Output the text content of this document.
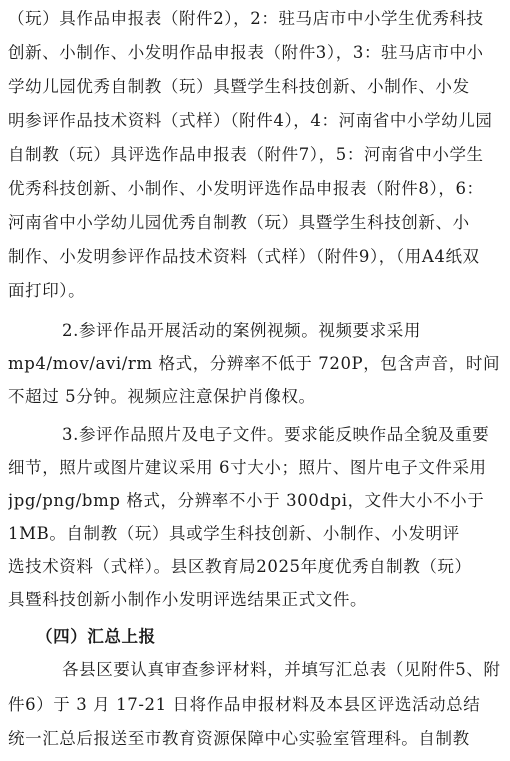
（玩）具作品申报表（附件2），2：驻马店市中小学生优秀科技
创新、小制作、小发明作品申报表（附件3），3：驻马店市中小
学幼儿园优秀自制教（玩）具暨学生科技创新、小制作、小发
明参评作品技术资料（式样）（附件4），4：河南省中小学幼儿园
自制教（玩）具评选作品申报表（附件7），5：河南省中小学生
优秀科技创新、小制作、小发明评选作品申报表（附件8），6：
河南省中小学幼儿园优秀自制教（玩）具暨学生科技创新、小
制作、小发明参评作品技术资料（式样）（附件9），（用A4纸双
面打印）。
2.参评作品开展活动的案例视频。视频要求采用
mp4/mov/avi/rm 格式，分辨率不低于 720P，包含声音，时间
不超过 5分钟。视频应注意保护肖像权。
3.参评作品照片及电子文件。要求能反映作品全貌及重要
细节，照片或图片建议采用 6寸大小；照片、图片电子文件采用
jpg/png/bmp 格式，分辨率不小于 300dpi，文件大小不小于
1MB。自制教（玩）具或学生科技创新、小制作、小发明评
选技术资料（式样）。县区教育局2025年度优秀自制教（玩）
具暨科技创新小制作小发明评选结果正式文件。
（四）汇总上报
各县区要认真审查参评材料，并填写汇总表（见附件5、附
件6）于 3 月 17-21 日将作品申报材料及本县区评选活动总结
统一汇总后报送至市教育资源保障中心实验室管理科。自制教
